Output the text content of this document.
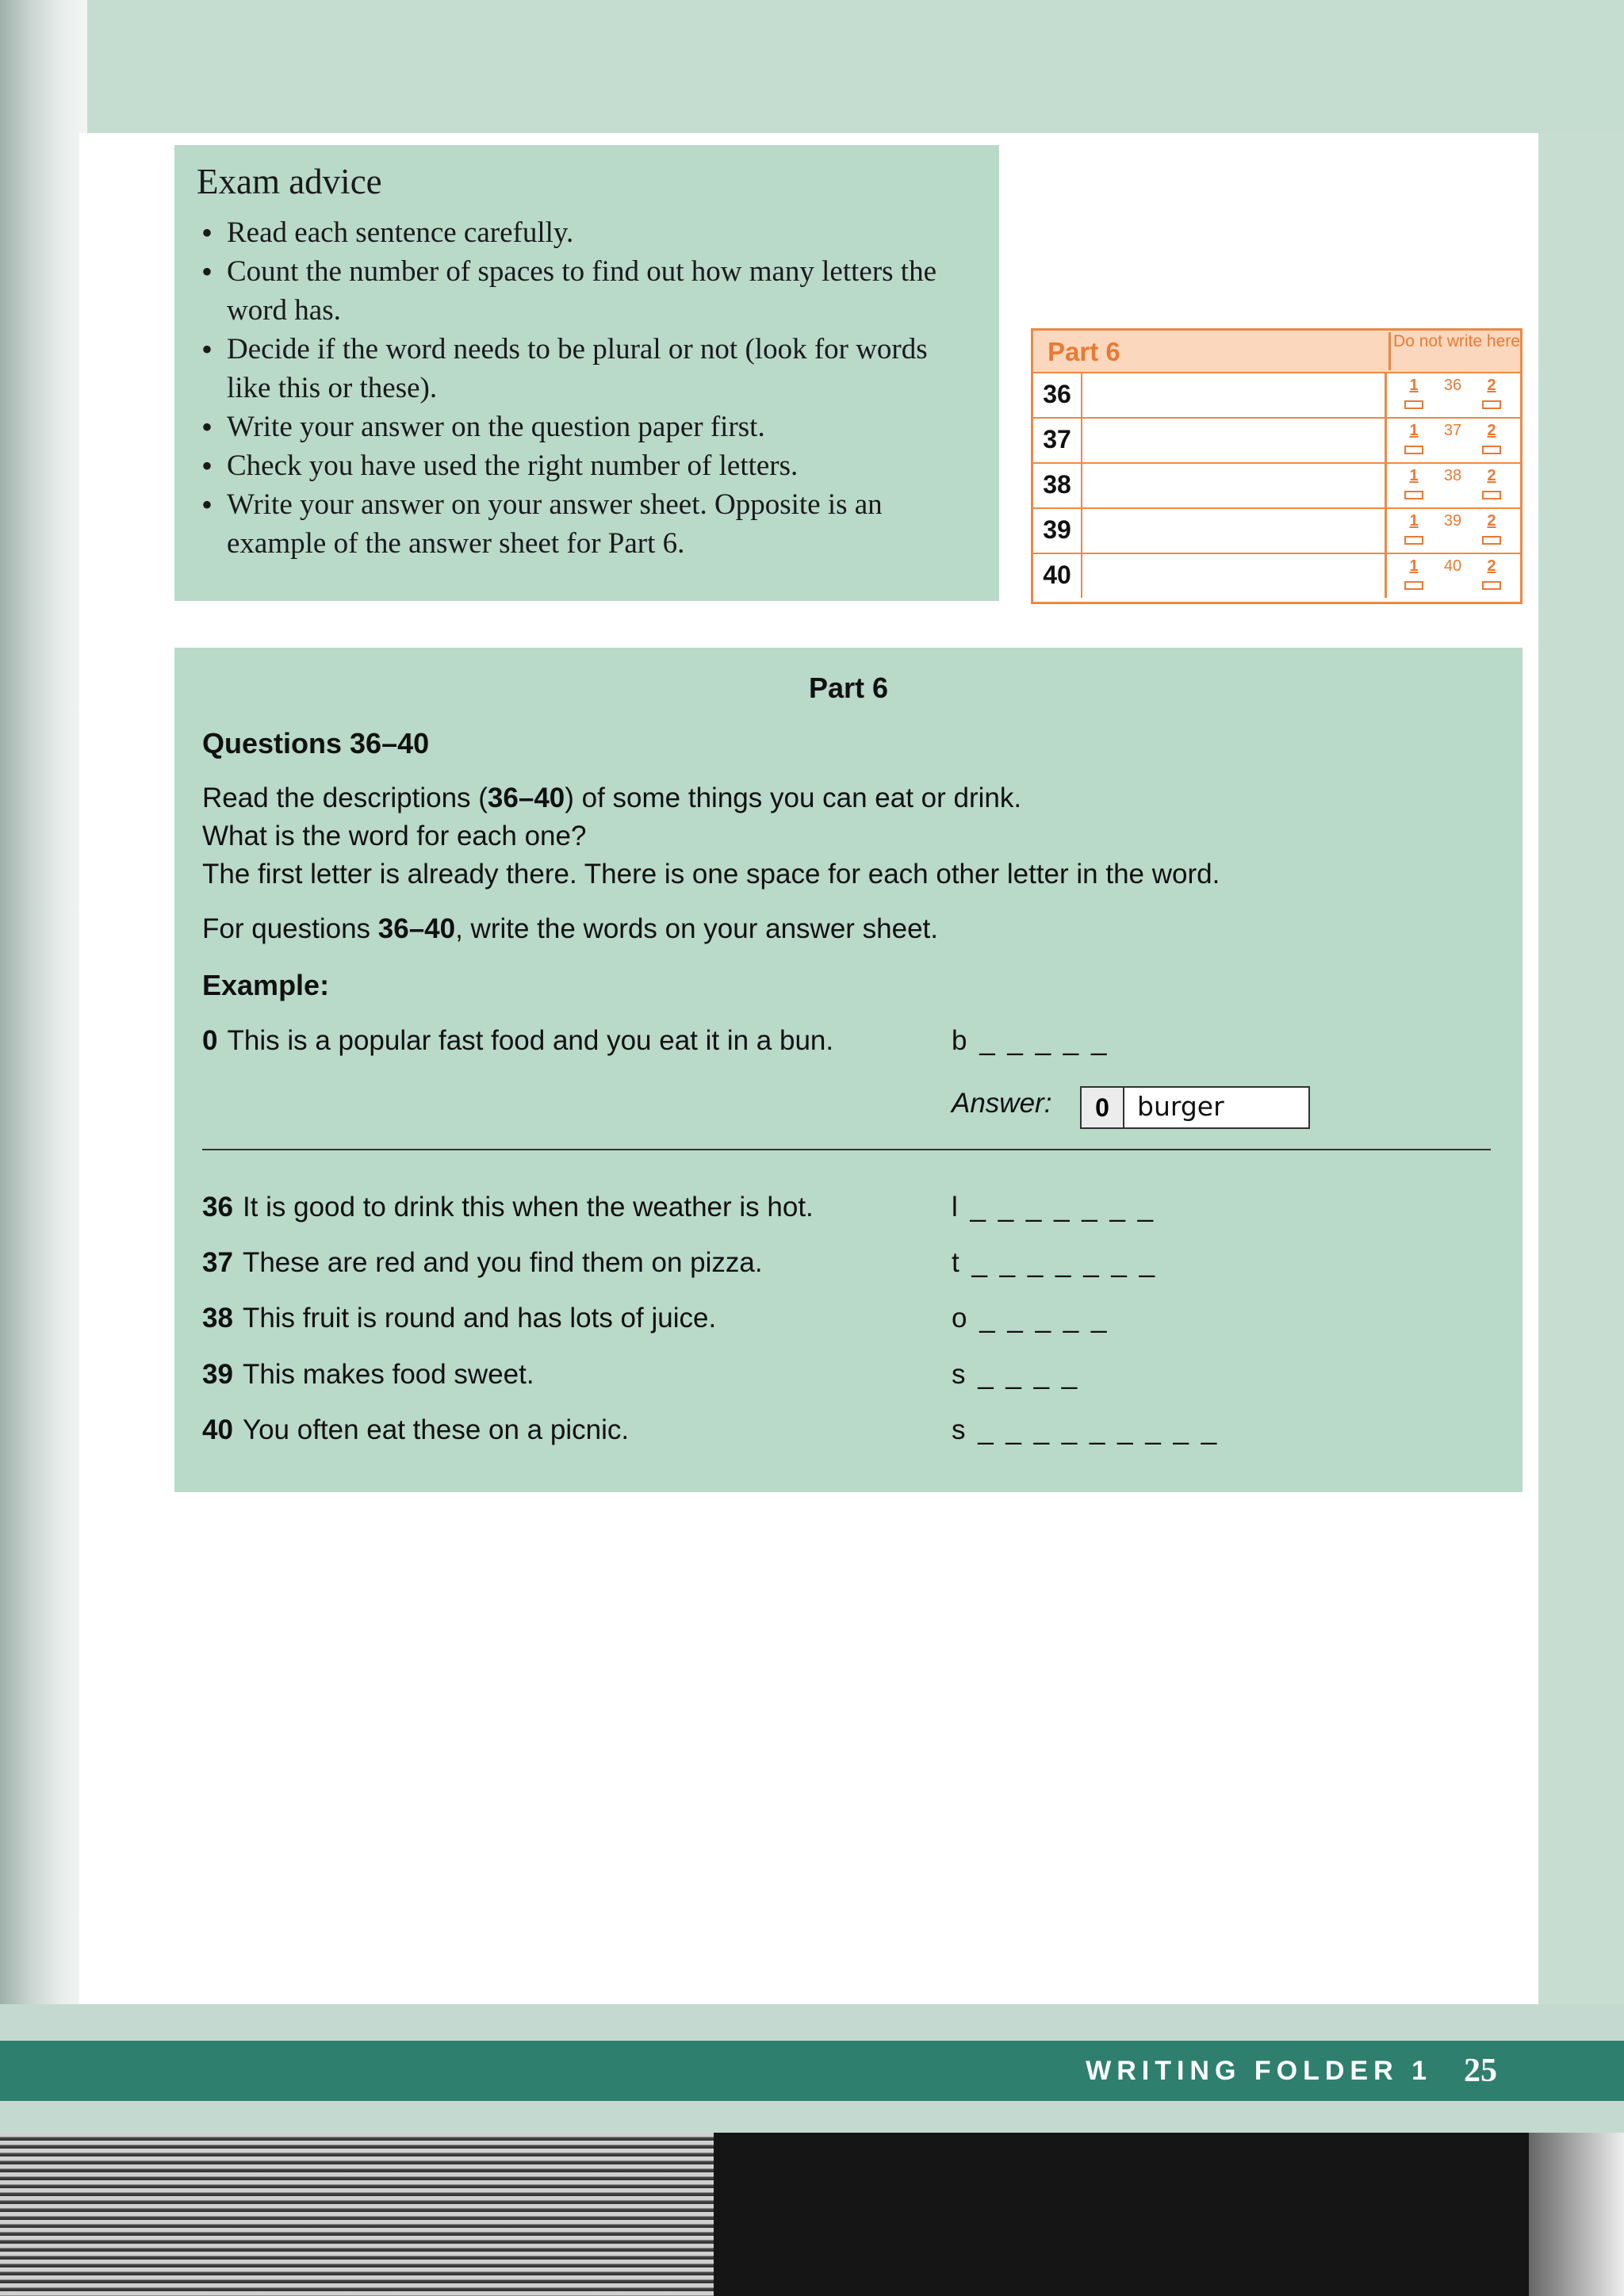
Exam advice
• Read each sentence carefully.
• Count the number of spaces to find out how many letters the word has.
• Decide if the word needs to be plural or not (look for words like this or these).
• Write your answer on the question paper first.
• Check you have used the right number of letters.
• Write your answer on your answer sheet. Opposite is an example of the answer sheet for Part 6.
Part 6	Do not write here
36	1	36	2
37	1	37	2
38	1	38	2
39	1	39	2
40	1	40	2
Part 6
Questions 36–40
Read the descriptions (36–40) of some things you can eat or drink.
What is the word for each one?
The first letter is already there. There is one space for each other letter in the word.
For questions 36–40, write the words on your answer sheet.
Example:
0 This is a popular fast food and you eat it in a bun.	b _ _ _ _ _
Answer:	0	burger
36 It is good to drink this when the weather is hot.	l _ _ _ _ _ _ _
37 These are red and you find them on pizza.	t _ _ _ _ _ _ _
38 This fruit is round and has lots of juice.	o _ _ _ _ _
39 This makes food sweet.	s _ _ _ _
40 You often eat these on a picnic.	s _ _ _ _ _ _ _ _ _
WRITING FOLDER 1 25
